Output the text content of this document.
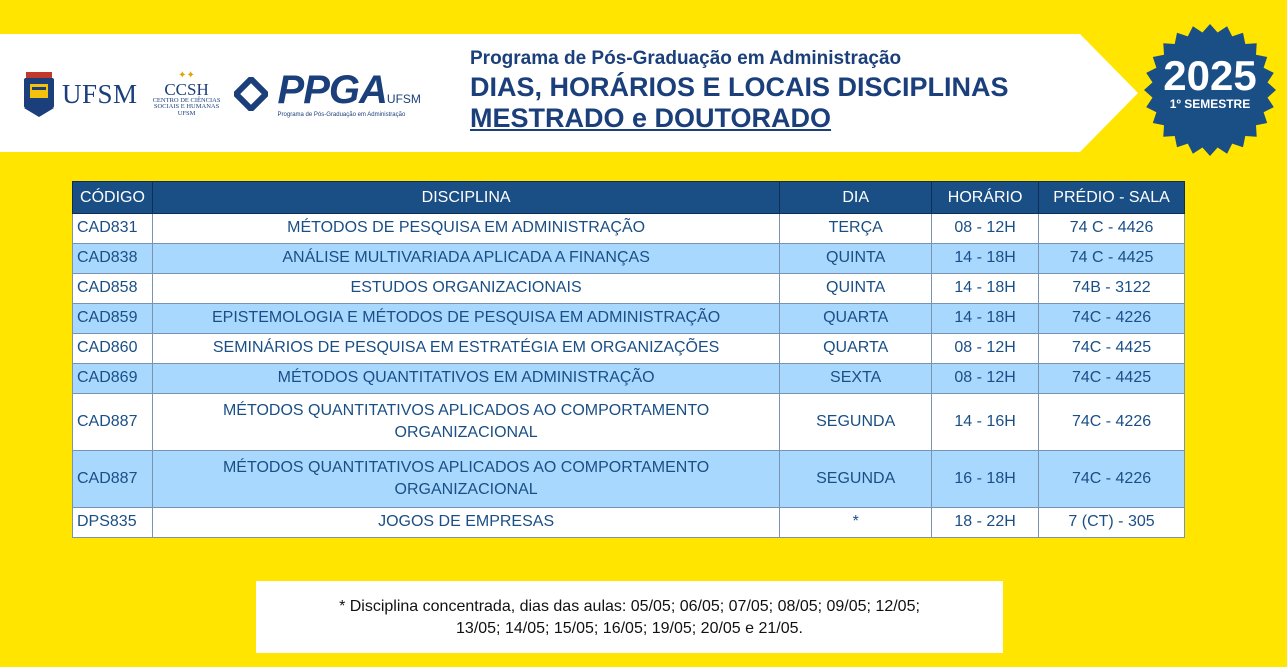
UFSM
✦✦
CCSH
CENTRO DE CIÊNCIAS
SOCIAIS E HUMANAS
UFSM
PPGAUFSM
Programa de Pós-Graduação em Administração
Programa de Pós-Graduação em Administração
DIAS, HORÁRIOS E LOCAIS DISCIPLINAS
MESTRADO e DOUTORADO
2025
1º SEMESTRE
CÓDIGO	DISCIPLINA	DIA	HORÁRIO	PRÉDIO - SALA
CAD831	MÉTODOS DE PESQUISA EM ADMINISTRAÇÃO	TERÇA	08 - 12H	74 C - 4426
CAD838	ANÁLISE MULTIVARIADA APLICADA A FINANÇAS	QUINTA	14 - 18H	74 C - 4425
CAD858	ESTUDOS ORGANIZACIONAIS	QUINTA	14 - 18H	74B - 3122
CAD859	EPISTEMOLOGIA E MÉTODOS DE PESQUISA EM ADMINISTRAÇÃO	QUARTA	14 - 18H	74C - 4226
CAD860	SEMINÁRIOS DE PESQUISA EM ESTRATÉGIA EM ORGANIZAÇÕES	QUARTA	08 - 12H	74C - 4425
CAD869	MÉTODOS QUANTITATIVOS EM ADMINISTRAÇÃO	SEXTA	08 - 12H	74C - 4425
CAD887	MÉTODOS QUANTITATIVOS APLICADOS AO COMPORTAMENTO
ORGANIZACIONAL	SEGUNDA	14 - 16H	74C - 4226
CAD887	MÉTODOS QUANTITATIVOS APLICADOS AO COMPORTAMENTO
ORGANIZACIONAL	SEGUNDA	16 - 18H	74C - 4226
DPS835	JOGOS DE EMPRESAS	*	18 - 22H	7 (CT) - 305
* Disciplina concentrada, dias das aulas: 05/05; 06/05; 07/05; 08/05; 09/05; 12/05;
13/05; 14/05; 15/05; 16/05; 19/05; 20/05 e 21/05.
